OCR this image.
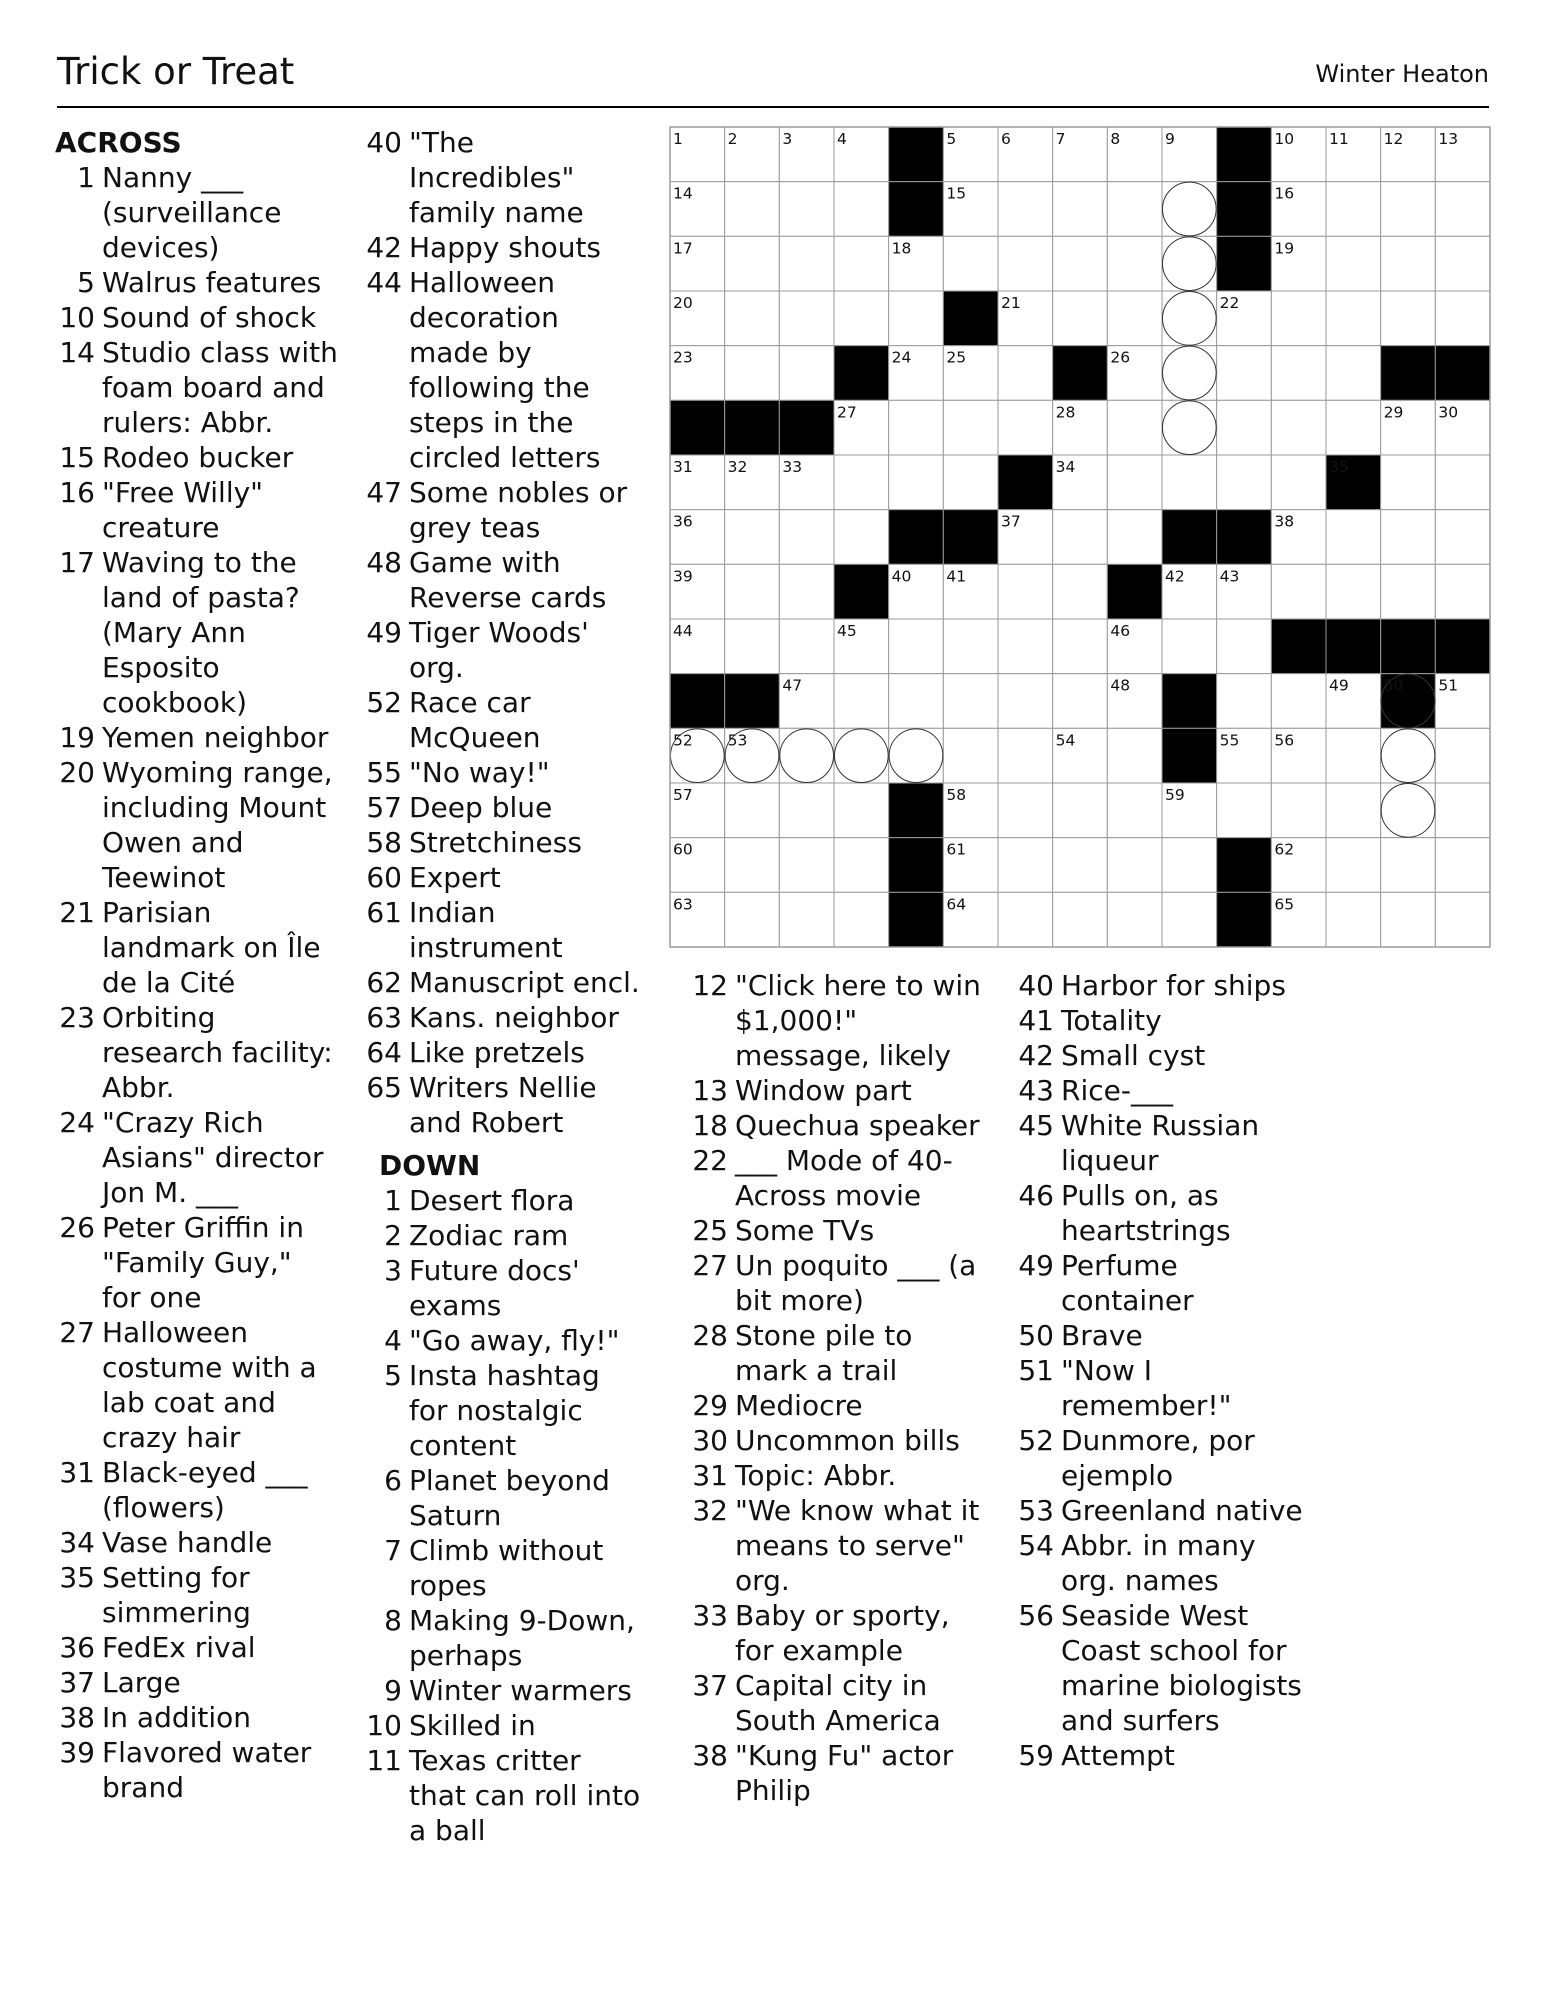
Trick or Treat	Winter Heaton
ACROSS
1 Nanny ___ (surveillance devices)
5 Walrus features
10 Sound of shock
14 Studio class with foam board and rulers: Abbr.
15 Rodeo bucker
16 "Free Willy" creature
17 Waving to the land of pasta? (Mary Ann Esposito cookbook)
19 Yemen neighbor
20 Wyoming range, including Mount Owen and Teewinot
21 Parisian landmark on Île de la Cité
23 Orbiting research facility: Abbr.
24 "Crazy Rich Asians" director Jon M. ___
26 Peter Griffin in "Family Guy," for one
27 Halloween costume with a lab coat and crazy hair
31 Black-eyed ___ (flowers)
34 Vase handle
35 Setting for simmering
36 FedEx rival
37 Large
38 In addition
39 Flavored water brand
40 "The Incredibles" family name
42 Happy shouts
44 Halloween decoration made by following the steps in the circled letters
47 Some nobles or grey teas
48 Game with Reverse cards
49 Tiger Woods' org.
52 Race car McQueen
55 "No way!"
57 Deep blue
58 Stretchiness
60 Expert
61 Indian instrument
62 Manuscript encl.
63 Kans. neighbor
64 Like pretzels
65 Writers Nellie and Robert
DOWN
1 Desert flora
2 Zodiac ram
3 Future docs' exams
4 "Go away, fly!"
5 Insta hashtag for nostalgic content
6 Planet beyond Saturn
7 Climb without ropes
8 Making 9-Down, perhaps
9 Winter warmers
10 Skilled in
11 Texas critter that can roll into a ball
12 "Click here to win $1,000!" message, likely
13 Window part
18 Quechua speaker
22 ___ Mode of 40-Across movie
25 Some TVs
27 Un poquito ___ (a bit more)
28 Stone pile to mark a trail
29 Mediocre
30 Uncommon bills
31 Topic: Abbr.
32 "We know what it means to serve" org.
33 Baby or sporty, for example
37 Capital city in South America
38 "Kung Fu" actor Philip
40 Harbor for ships
41 Totality
42 Small cyst
43 Rice-___
45 White Russian liqueur
46 Pulls on, as heartstrings
49 Perfume container
50 Brave
51 "Now I remember!"
52 Dunmore, por ejemplo
53 Greenland native
54 Abbr. in many org. names
56 Seaside West Coast school for marine biologists and surfers
59 Attempt
1	2	3	4	5	6	7	8	9	10 11 12 13
14	15	16
17	18	19
20	21	22
23	24 25	26
27	28	29 30
31 32 33	34	35
36	37	38
39	40 41	42 43
44	45	46
47	48	49 50 51
52 53	54	55 56
57	58	59
60	61	62
63	64	65
